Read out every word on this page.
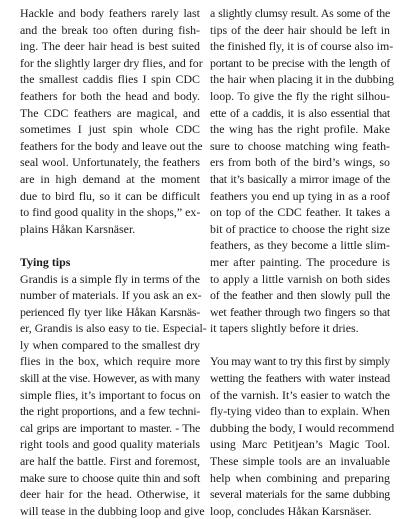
Hackle and body feathers rarely last
and the break too often during fish-
ing. The deer hair head is best suited
for the slightly larger dry flies, and for
the smallest caddis flies I spin CDC
feathers for both the head and body.
The CDC feathers are magical, and
sometimes I just spin whole CDC
feathers for the body and leave out the
seal wool. Unfortunately, the feathers
are in high demand at the moment
due to bird flu, so it can be difficult
to find good quality in the shops,” ex-
plains Håkan Karsnäser.
Tying tips
Grandis is a simple fly in terms of the
number of materials. If you ask an ex-
perienced fly tyer like Håkan Karsnäs-
er, Grandis is also easy to tie. Especial-
ly when compared to the smallest dry
flies in the box, which require more
skill at the vise. However, as with many
simple flies, it’s important to focus on
the right proportions, and a few techni-
cal grips are important to master. - The
right tools and good quality materials
are half the battle. First and foremost,
make sure to choose quite thin and soft
deer hair for the head. Otherwise, it
will tease in the dubbing loop and give
a slightly clumsy result. As some of the
tips of the deer hair should be left in
the finished fly, it is of course also im-
portant to be precise with the length of
the hair when placing it in the dubbing
loop. To give the fly the right silhou-
ette of a caddis, it is also essential that
the wing has the right profile. Make
sure to choose matching wing feath-
ers from both of the bird’s wings, so
that it’s basically a mirror image of the
feathers you end up tying in as a roof
on top of the CDC feather. It takes a
bit of practice to choose the right size
feathers, as they become a little slim-
mer after painting. The procedure is
to apply a little varnish on both sides
of the feather and then slowly pull the
wet feather through two fingers so that
it tapers slightly before it dries.
You may want to try this first by simply
wetting the feathers with water instead
of the varnish. It’s easier to watch the
fly-tying video than to explain. When
dubbing the body, I would recommend
using Marc Petitjean’s Magic Tool.
These simple tools are an invaluable
help when combining and preparing
several materials for the same dubbing
loop, concludes Håkan Karsnäser.
